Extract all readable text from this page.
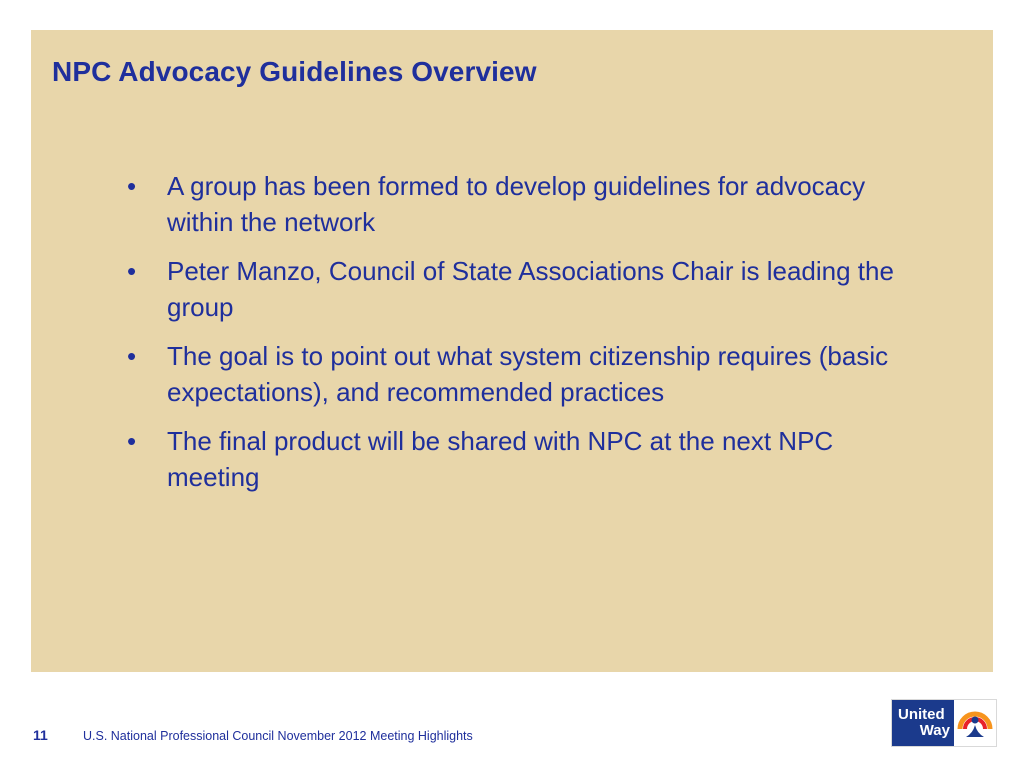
NPC Advocacy Guidelines Overview
• A group has been formed to develop guidelines for advocacy within the network
• Peter Manzo, Council of State Associations Chair is leading the group
• The goal is to point out what system citizenship requires (basic expectations), and recommended practices
• The final product will be shared with NPC at the next NPC meeting
11	U.S. National Professional Council November 2012 Meeting Highlights
United
Way
